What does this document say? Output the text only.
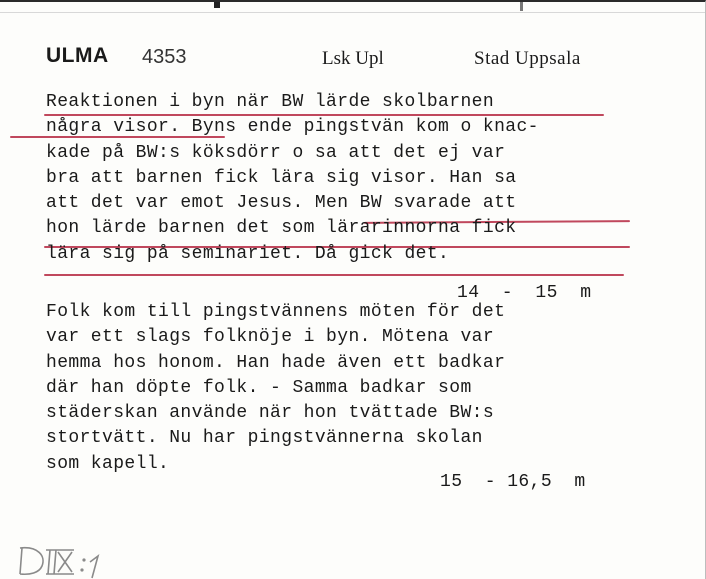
ULMA 4353	Lsk Upl	Stad Uppsala
Reaktionen i byn när BW lärde skolbarnen
några visor. Byns ende pingstvän kom o knac-
kade på BW:s köksdörr o sa att det ej var
bra att barnen fick lära sig visor. Han sa
att det var emot Jesus. Men BW svarade att
hon lärde barnen det som lärarinnorna fick
lära sig på seminariet. Då gick det.
14  -  15  m
Folk kom till pingstvännens möten för det
var ett slags folknöje i byn. Mötena var
hemma hos honom. Han hade även ett badkar
där han döpte folk. - Samma badkar som
städerskan använde när hon tvättade BW:s
stortvätt. Nu har pingstvännerna skolan
som kapell.
15  - 16,5  m
